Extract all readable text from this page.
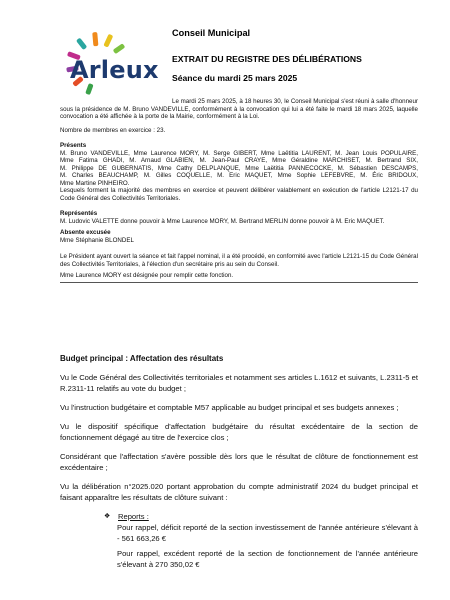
Arleux
Conseil Municipal
EXTRAIT DU REGISTRE DES DÉLIBÉRATIONS
Séance du mardi 25 mars 2025

Le mardi 25 mars 2025, à 18 heures 30, le Conseil Municipal s'est réuni à salle d'honneur sous la présidence de M. Bruno VANDEVILLE, conformément à la convocation qui lui a été faite le mardi 18 mars 2025, laquelle convocation a été affichée à la porte de la Mairie, conformément à la Loi.

Nombre de membres en exercice : 23.

Présents

M. Bruno VANDEVILLE, Mme Laurence MORY, M. Serge GIBERT, Mme Laëtitia LAURENT, M. Jean Louis POPULAIRE, Mme Fatima GHADI, M. Arnaud GLABIEN, M. Jean-Paul CRAYE, Mme Géraldine MARCHISET, M. Bertrand SIX, M. Philippe DE GUBERNATIS, Mme Cathy DELPLANQUE, Mme Laëtitia PANNECOCKE, M. Sébastien DESCAMPS, M. Charles BEAUCHAMP, M. Gilles COQUELLE, M. Eric MAQUET, Mme Sophie LEFEBVRE, M. Éric BRIDOUX, Mme Martine PINHEIRO.

Lesquels forment la majorité des membres en exercice et peuvent délibérer valablement en exécution de l'article L2121-17 du Code Général des Collectivités Territoriales.

Représentés

M. Ludovic VALETTE donne pouvoir à Mme Laurence MORY, M. Bertrand MERLIN donne pouvoir à M. Eric MAQUET.

Absente excusée

Mme Stéphanie BLONDEL

Le Président ayant ouvert la séance et fait l'appel nominal, il a été procédé, en conformité avec l'article L2121-15 du Code Général des Collectivités Territoriales, à l'élection d'un secrétaire pris au sein du Conseil.

Mme Laurence MORY est désignée pour remplir cette fonction.

Budget principal : Affectation des résultats

Vu le Code Général des Collectivités territoriales et notamment ses articles L.1612 et suivants, L.2311-5 et R.2311-11 relatifs au vote du budget ;

Vu l'instruction budgétaire et comptable M57 applicable au budget principal et ses budgets annexes ;

Vu le dispositif spécifique d'affectation budgétaire du résultat excédentaire de la section de fonctionnement dégagé au titre de l'exercice clos ;

Considérant que l'affectation s'avère possible dès lors que le résultat de clôture de fonctionnement est excédentaire ;

Vu la délibération n°2025.020 portant approbation du compte administratif 2024 du budget principal et faisant apparaître les résultats de clôture suivant :

❖	Reports :

Pour rappel, déficit reporté de la section investissement de l'année antérieure s'élevant à - 561 663,26 €

Pour rappel, excédent reporté de la section de fonctionnement de l'année antérieure s'élevant à 270 350,02 €
